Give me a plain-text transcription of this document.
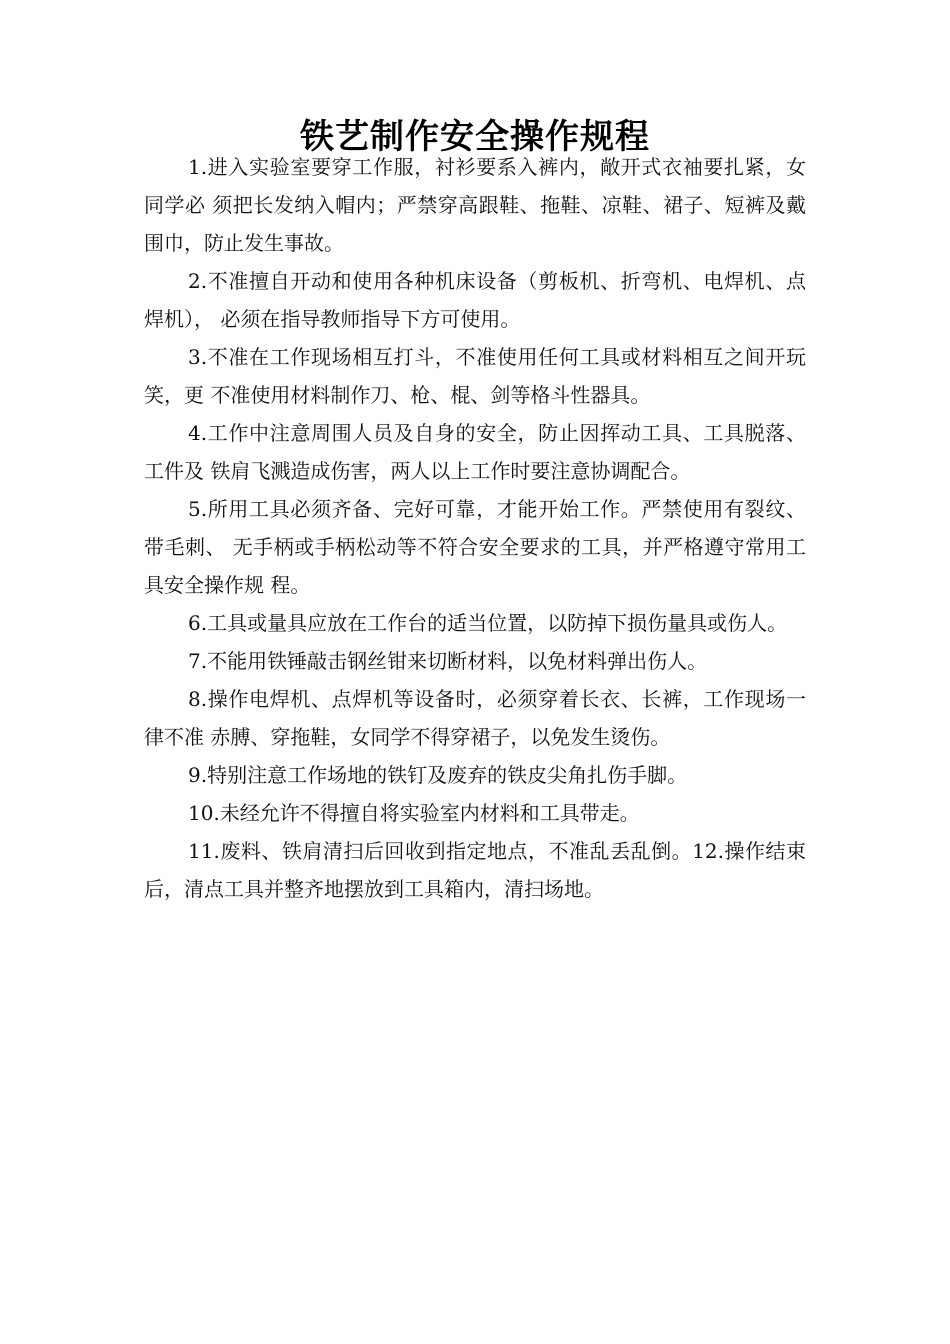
铁艺制作安全操作规程

1.进入实验室要穿工作服，衬衫要系入裤内，敞开式衣袖要扎紧，女同学必 须把长发纳入帽内；严禁穿高跟鞋、拖鞋、凉鞋、裙子、短裤及戴围巾，防止发生事故。

2.不准擅自开动和使用各种机床设备（剪板机、折弯机、电焊机、点焊机）， 必须在指导教师指导下方可使用。

3.不准在工作现场相互打斗，不准使用任何工具或材料相互之间开玩笑，更 不准使用材料制作刀、枪、棍、剑等格斗性器具。

4.工作中注意周围人员及自身的安全，防止因挥动工具、工具脱落、工件及 铁肩飞溅造成伤害，两人以上工作时要注意协调配合。

5.所用工具必须齐备、完好可靠，才能开始工作。严禁使用有裂纹、带毛刺、 无手柄或手柄松动等不符合安全要求的工具，并严格遵守常用工具安全操作规 程。

6.工具或量具应放在工作台的适当位置，以防掉下损伤量具或伤人。

7.不能用铁锤敲击钢丝钳来切断材料，以免材料弹出伤人。

8.操作电焊机、点焊机等设备时，必须穿着长衣、长裤，工作现场一律不准 赤膊、穿拖鞋，女同学不得穿裙子，以免发生烫伤。

9.特别注意工作场地的铁钉及废弃的铁皮尖角扎伤手脚。

10.未经允许不得擅自将实验室内材料和工具带走。

11.废料、铁肩清扫后回收到指定地点，不准乱丢乱倒。12.操作结束后，清点工具并整齐地摆放到工具箱内，清扫场地。
